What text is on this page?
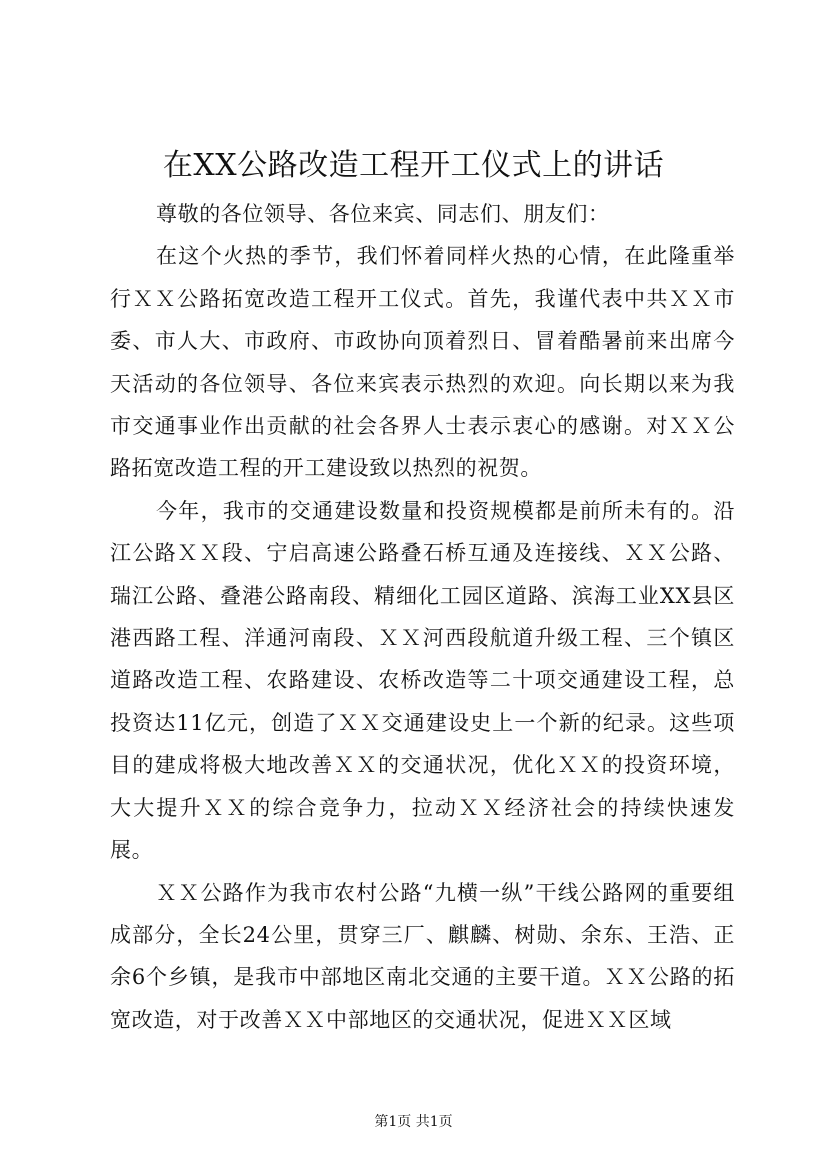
在XX公路改造工程开工仪式上的讲话

尊敬的各位领导、各位来宾、同志们、朋友们：

在这个火热的季节，我们怀着同样火热的心情，在此隆重举行ＸＸ公路拓宽改造工程开工仪式。首先，我谨代表中共ＸＸ市委、市人大、市政府、市政协向顶着烈日、冒着酷暑前来出席今天活动的各位领导、各位来宾表示热烈的欢迎。向长期以来为我市交通事业作出贡献的社会各界人士表示衷心的感谢。对ＸＸ公路拓宽改造工程的开工建设致以热烈的祝贺。

今年，我市的交通建设数量和投资规模都是前所未有的。沿江公路ＸＸ段、宁启高速公路叠石桥互通及连接线、ＸＸ公路、瑞江公路、叠港公路南段、精细化工园区道路、滨海工业XX县区港西路工程、洋通河南段、ＸＸ河西段航道升级工程、三个镇区道路改造工程、农路建设、农桥改造等二十项交通建设工程，总投资达11亿元，创造了ＸＸ交通建设史上一个新的纪录。这些项目的建成将极大地改善ＸＸ的交通状况，优化ＸＸ的投资环境，大大提升ＸＸ的综合竞争力，拉动ＸＸ经济社会的持续快速发展。

ＸＸ公路作为我市农村公路“九横一纵”干线公路网的重要组成部分，全长24公里，贯穿三厂、麒麟、树勋、余东、王浩、正余6个乡镇，是我市中部地区南北交通的主要干道。ＸＸ公路的拓宽改造，对于改善ＸＸ中部地区的交通状况，促进ＸＸ区域

第1页 共1页
